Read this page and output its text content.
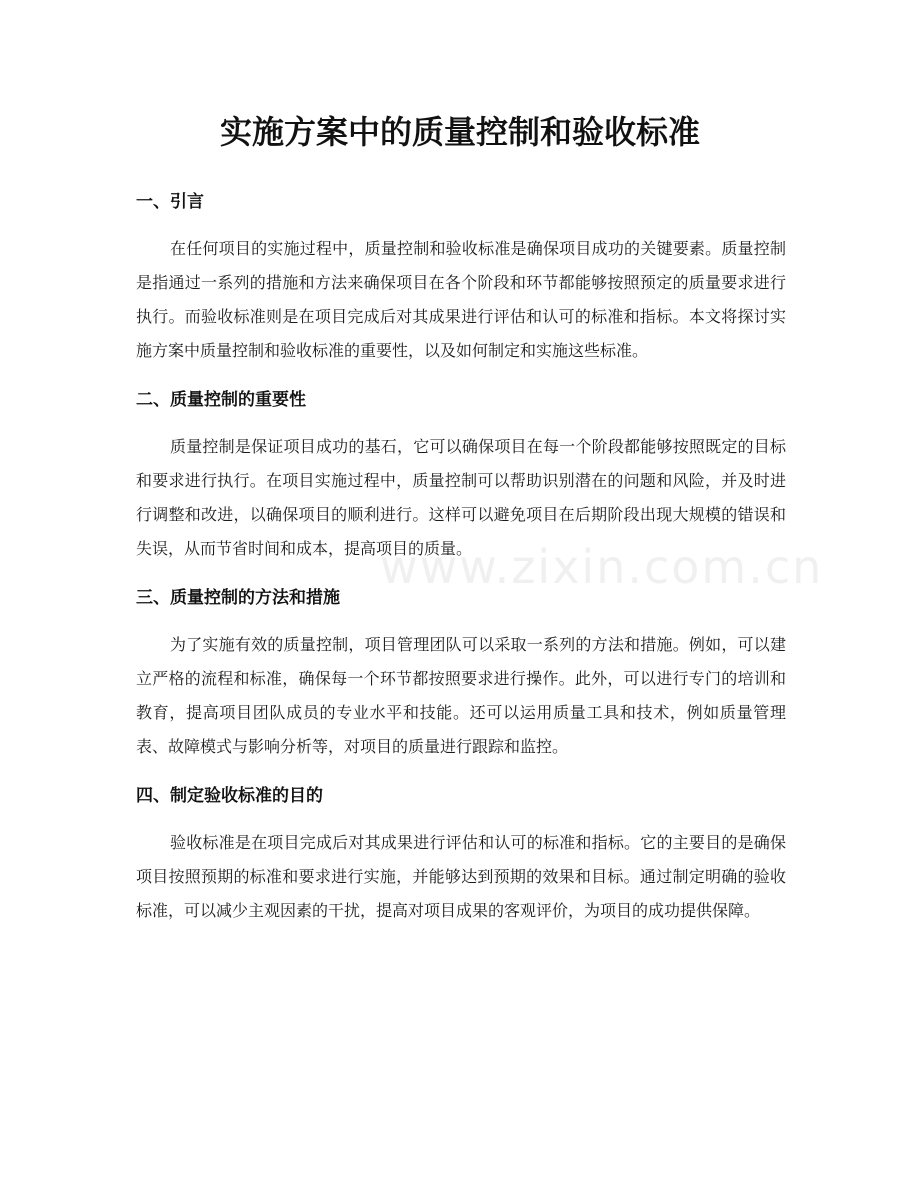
www.zixin.com.cn
实施方案中的质量控制和验收标准
一、引言

在任何项目的实施过程中，质量控制和验收标准是确保项目成功的关键要素。质量控制是指通过一系列的措施和方法来确保项目在各个阶段和环节都能够按照预定的质量要求进行执行。而验收标准则是在项目完成后对其成果进行评估和认可的标准和指标。本文将探讨实施方案中质量控制和验收标准的重要性，以及如何制定和实施这些标准。

二、质量控制的重要性

质量控制是保证项目成功的基石，它可以确保项目在每一个阶段都能够按照既定的目标和要求进行执行。在项目实施过程中，质量控制可以帮助识别潜在的问题和风险，并及时进行调整和改进，以确保项目的顺利进行。这样可以避免项目在后期阶段出现大规模的错误和失误，从而节省时间和成本，提高项目的质量。

三、质量控制的方法和措施

为了实施有效的质量控制，项目管理团队可以采取一系列的方法和措施。例如，可以建立严格的流程和标准，确保每一个环节都按照要求进行操作。此外，可以进行专门的培训和教育，提高项目团队成员的专业水平和技能。还可以运用质量工具和技术，例如质量管理表、故障模式与影响分析等，对项目的质量进行跟踪和监控。

四、制定验收标准的目的

验收标准是在项目完成后对其成果进行评估和认可的标准和指标。它的主要目的是确保项目按照预期的标准和要求进行实施，并能够达到预期的效果和目标。通过制定明确的验收标准，可以减少主观因素的干扰，提高对项目成果的客观评价，为项目的成功提供保障。
